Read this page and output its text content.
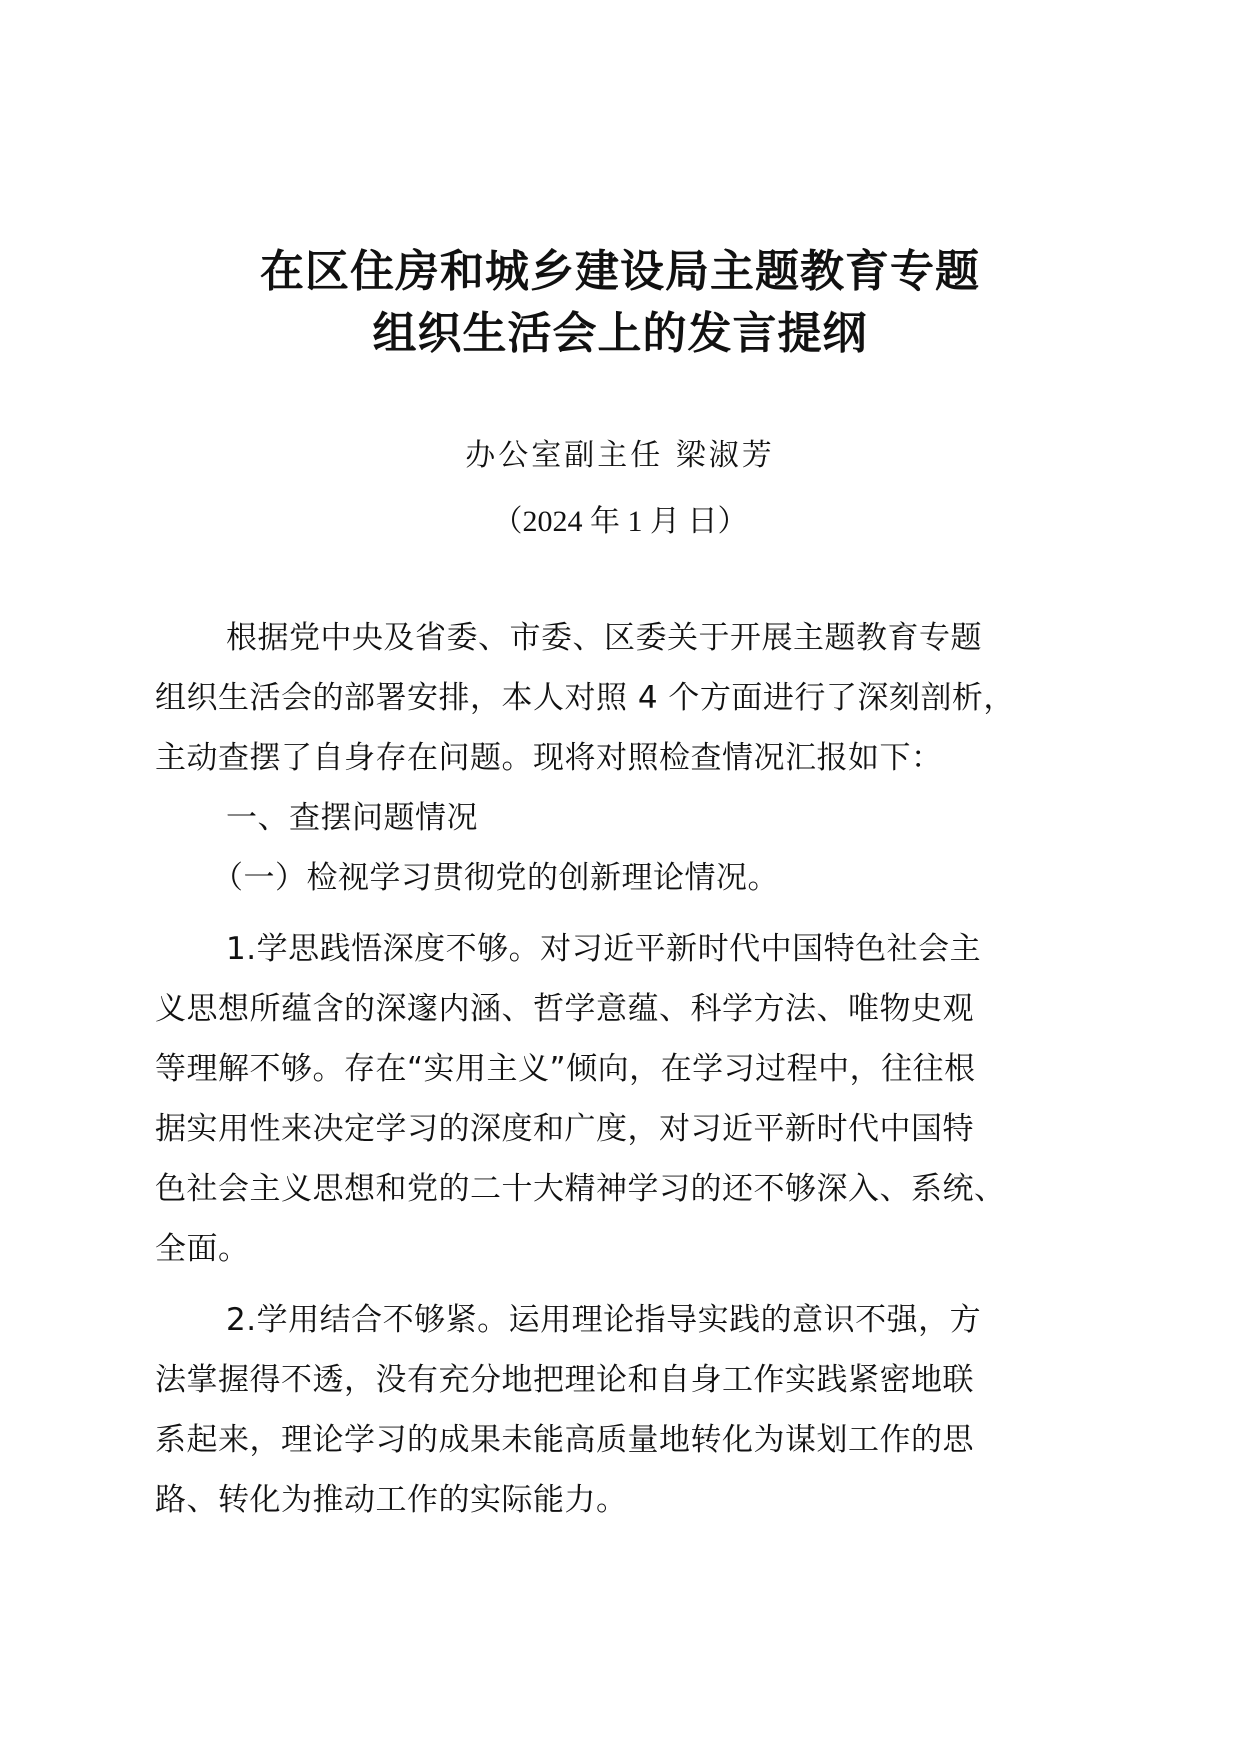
在区住房和城乡建设局主题教育专题
组织生活会上的发言提纲
办公室副主任 梁淑芳
（2024 年 1 月 日）
根据党中央及省委、市委、区委关于开展主题教育专题
组织生活会的部署安排，本人对照 4 个方面进行了深刻剖析，
主动查摆了自身存在问题。现将对照检查情况汇报如下：
一、查摆问题情况
（一）检视学习贯彻党的创新理论情况。
1.学思践悟深度不够。对习近平新时代中国特色社会主
义思想所蕴含的深邃内涵、哲学意蕴、科学方法、唯物史观
等理解不够。存在“实用主义”倾向，在学习过程中，往往根
据实用性来决定学习的深度和广度，对习近平新时代中国特
色社会主义思想和党的二十大精神学习的还不够深入、系统、
全面。
2.学用结合不够紧。运用理论指导实践的意识不强，方
法掌握得不透，没有充分地把理论和自身工作实践紧密地联
系起来，理论学习的成果未能高质量地转化为谋划工作的思
路、转化为推动工作的实际能力。
